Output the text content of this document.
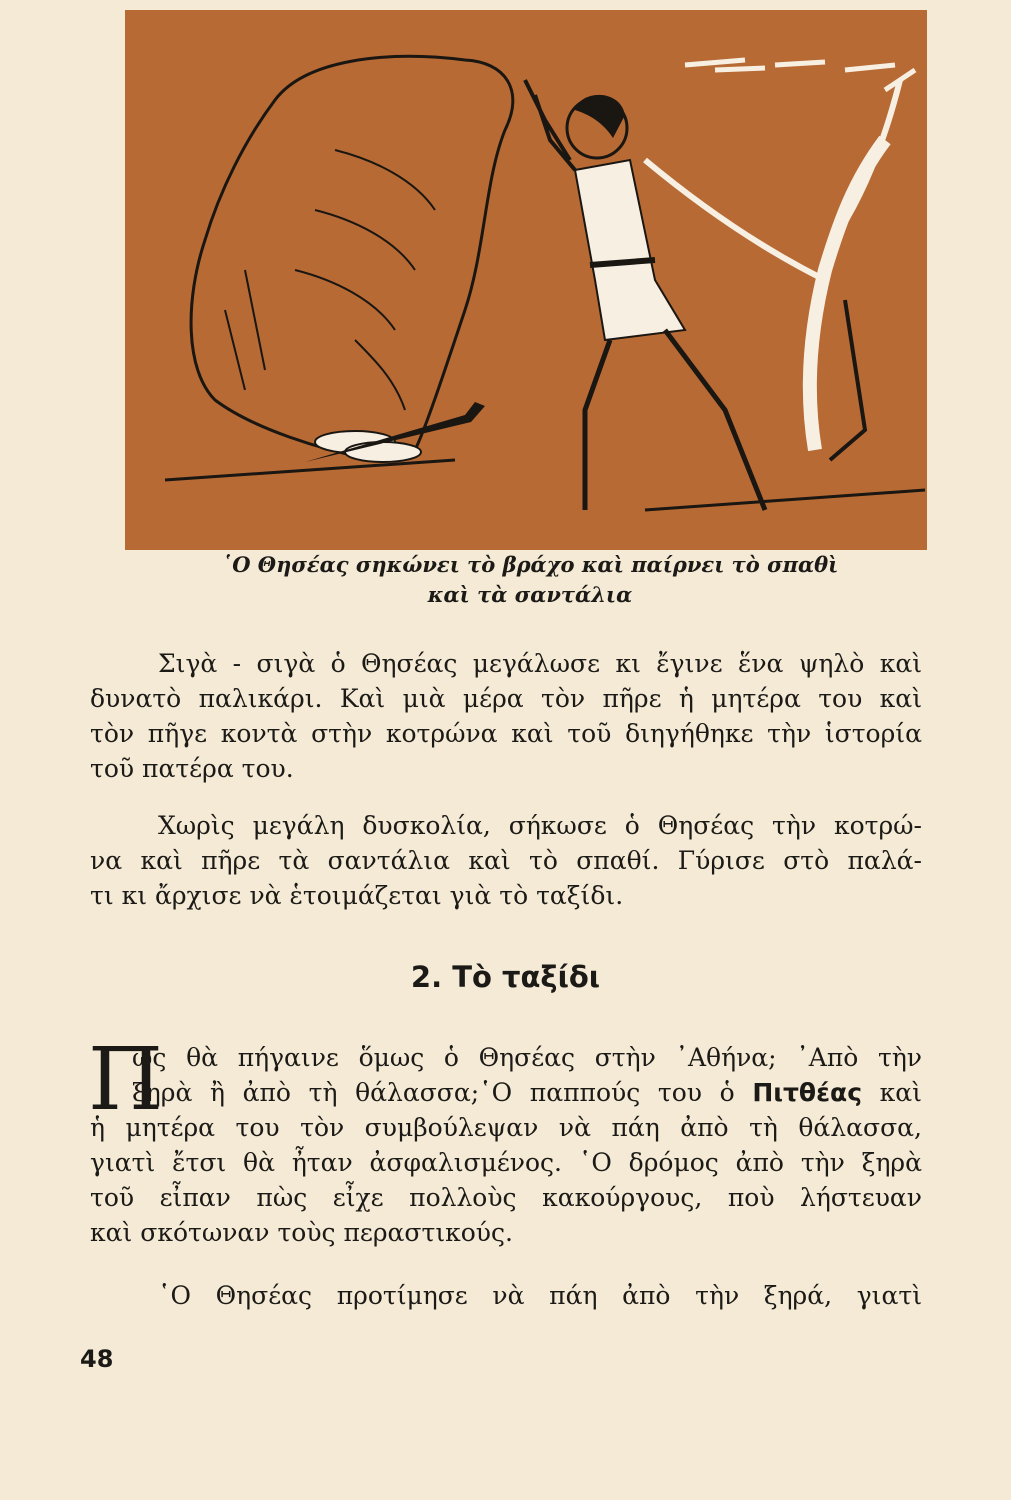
῾Ο Θησέας σηκώνει τὸ βράχο καὶ παίρνει τὸ σπαθὶ
καὶ τὰ σαντάλια
Σιγὰ - σιγὰ ὁ Θησέας μεγάλωσε κι ἔγινε ἕνα ψηλὸ καὶ
δυνατὸ παλικάρι. Καὶ μιὰ μέρα τὸν πῆρε ἡ μητέρα του καὶ
τὸν πῆγε κοντὰ στὴν κοτρώνα καὶ τοῦ διηγήθηκε τὴν ἱστορία
τοῦ πατέρα του.
Χωρὶς μεγάλη δυσκολία, σήκωσε ὁ Θησέας τὴν κοτρώ-
να καὶ πῆρε τὰ σαντάλια καὶ τὸ σπαθί. Γύρισε στὸ παλά-
τι κι ἄρχισε νὰ ἑτοιμάζεται γιὰ τὸ ταξίδι.
2. Τὸ ταξίδι
Π
ῶς θὰ πήγαινε ὅμως ὁ Θησέας στὴν ᾿Αθήνα; ᾿Απὸ τὴν
ξηρὰ ἢ ἀπὸ τὴ θάλασσα;῾Ο παππούς του ὁ Πιτθέας καὶ
ἡ μητέρα του τὸν συμβούλεψαν νὰ πάη ἀπὸ τὴ θάλασσα,
γιατὶ ἔτσι θὰ ἦταν ἀσφαλισμένος. ῾Ο δρόμος ἀπὸ τὴν ξηρὰ
τοῦ εἶπαν πὼς εἶχε πολλοὺς κακούργους, ποὺ λήστευαν
καὶ σκότωναν τοὺς περαστικούς.
῾Ο Θησέας προτίμησε νὰ πάη ἀπὸ τὴν ξηρά, γιατὶ
48
